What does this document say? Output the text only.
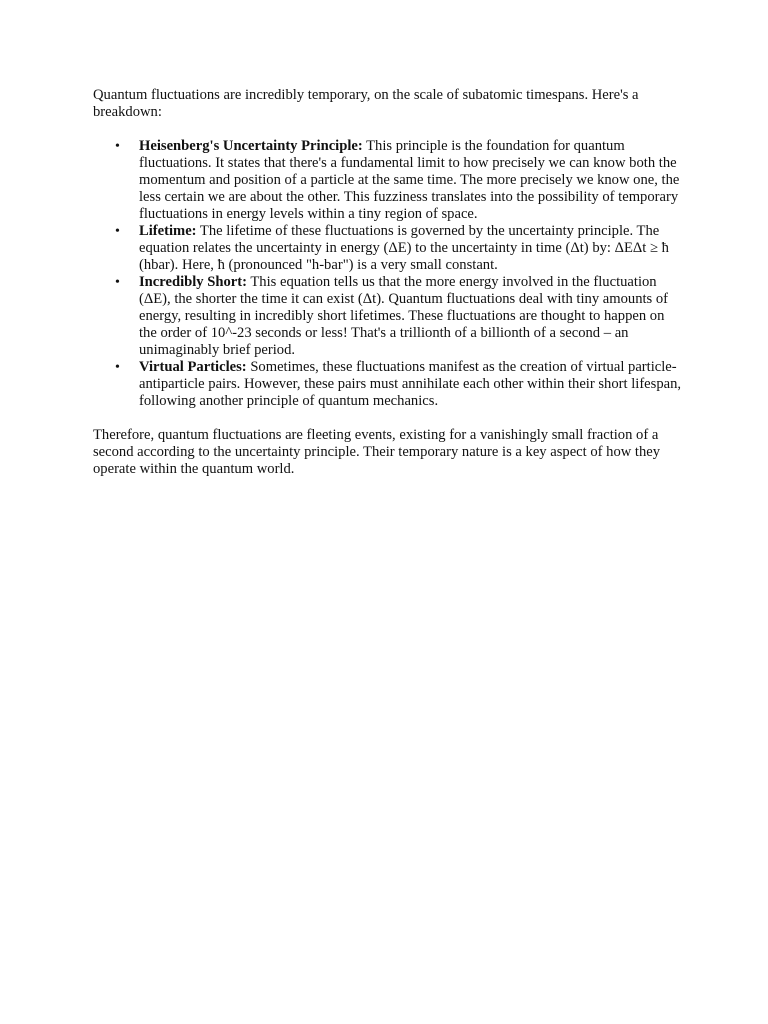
Quantum fluctuations are incredibly temporary, on the scale of subatomic timespans. Here's a breakdown:

• Heisenberg's Uncertainty Principle: This principle is the foundation for quantum fluctuations. It states that there's a fundamental limit to how precisely we can know both the momentum and position of a particle at the same time. The more precisely we know one, the less certain we are about the other. This fuzziness translates into the possibility of temporary fluctuations in energy levels within a tiny region of space.
• Lifetime: The lifetime of these fluctuations is governed by the uncertainty principle. The equation relates the uncertainty in energy (ΔE) to the uncertainty in time (Δt) by: ΔEΔt ≥ ħ (hbar). Here, ħ (pronounced "h-bar") is a very small constant.
• Incredibly Short: This equation tells us that the more energy involved in the fluctuation (ΔE), the shorter the time it can exist (Δt). Quantum fluctuations deal with tiny amounts of energy, resulting in incredibly short lifetimes. These fluctuations are thought to happen on the order of 10^-23 seconds or less! That's a trillionth of a billionth of a second – an unimaginably brief period.
• Virtual Particles: Sometimes, these fluctuations manifest as the creation of virtual particle-antiparticle pairs. However, these pairs must annihilate each other within their short lifespan, following another principle of quantum mechanics.

Therefore, quantum fluctuations are fleeting events, existing for a vanishingly small fraction of a second according to the uncertainty principle. Their temporary nature is a key aspect of how they operate within the quantum world.
